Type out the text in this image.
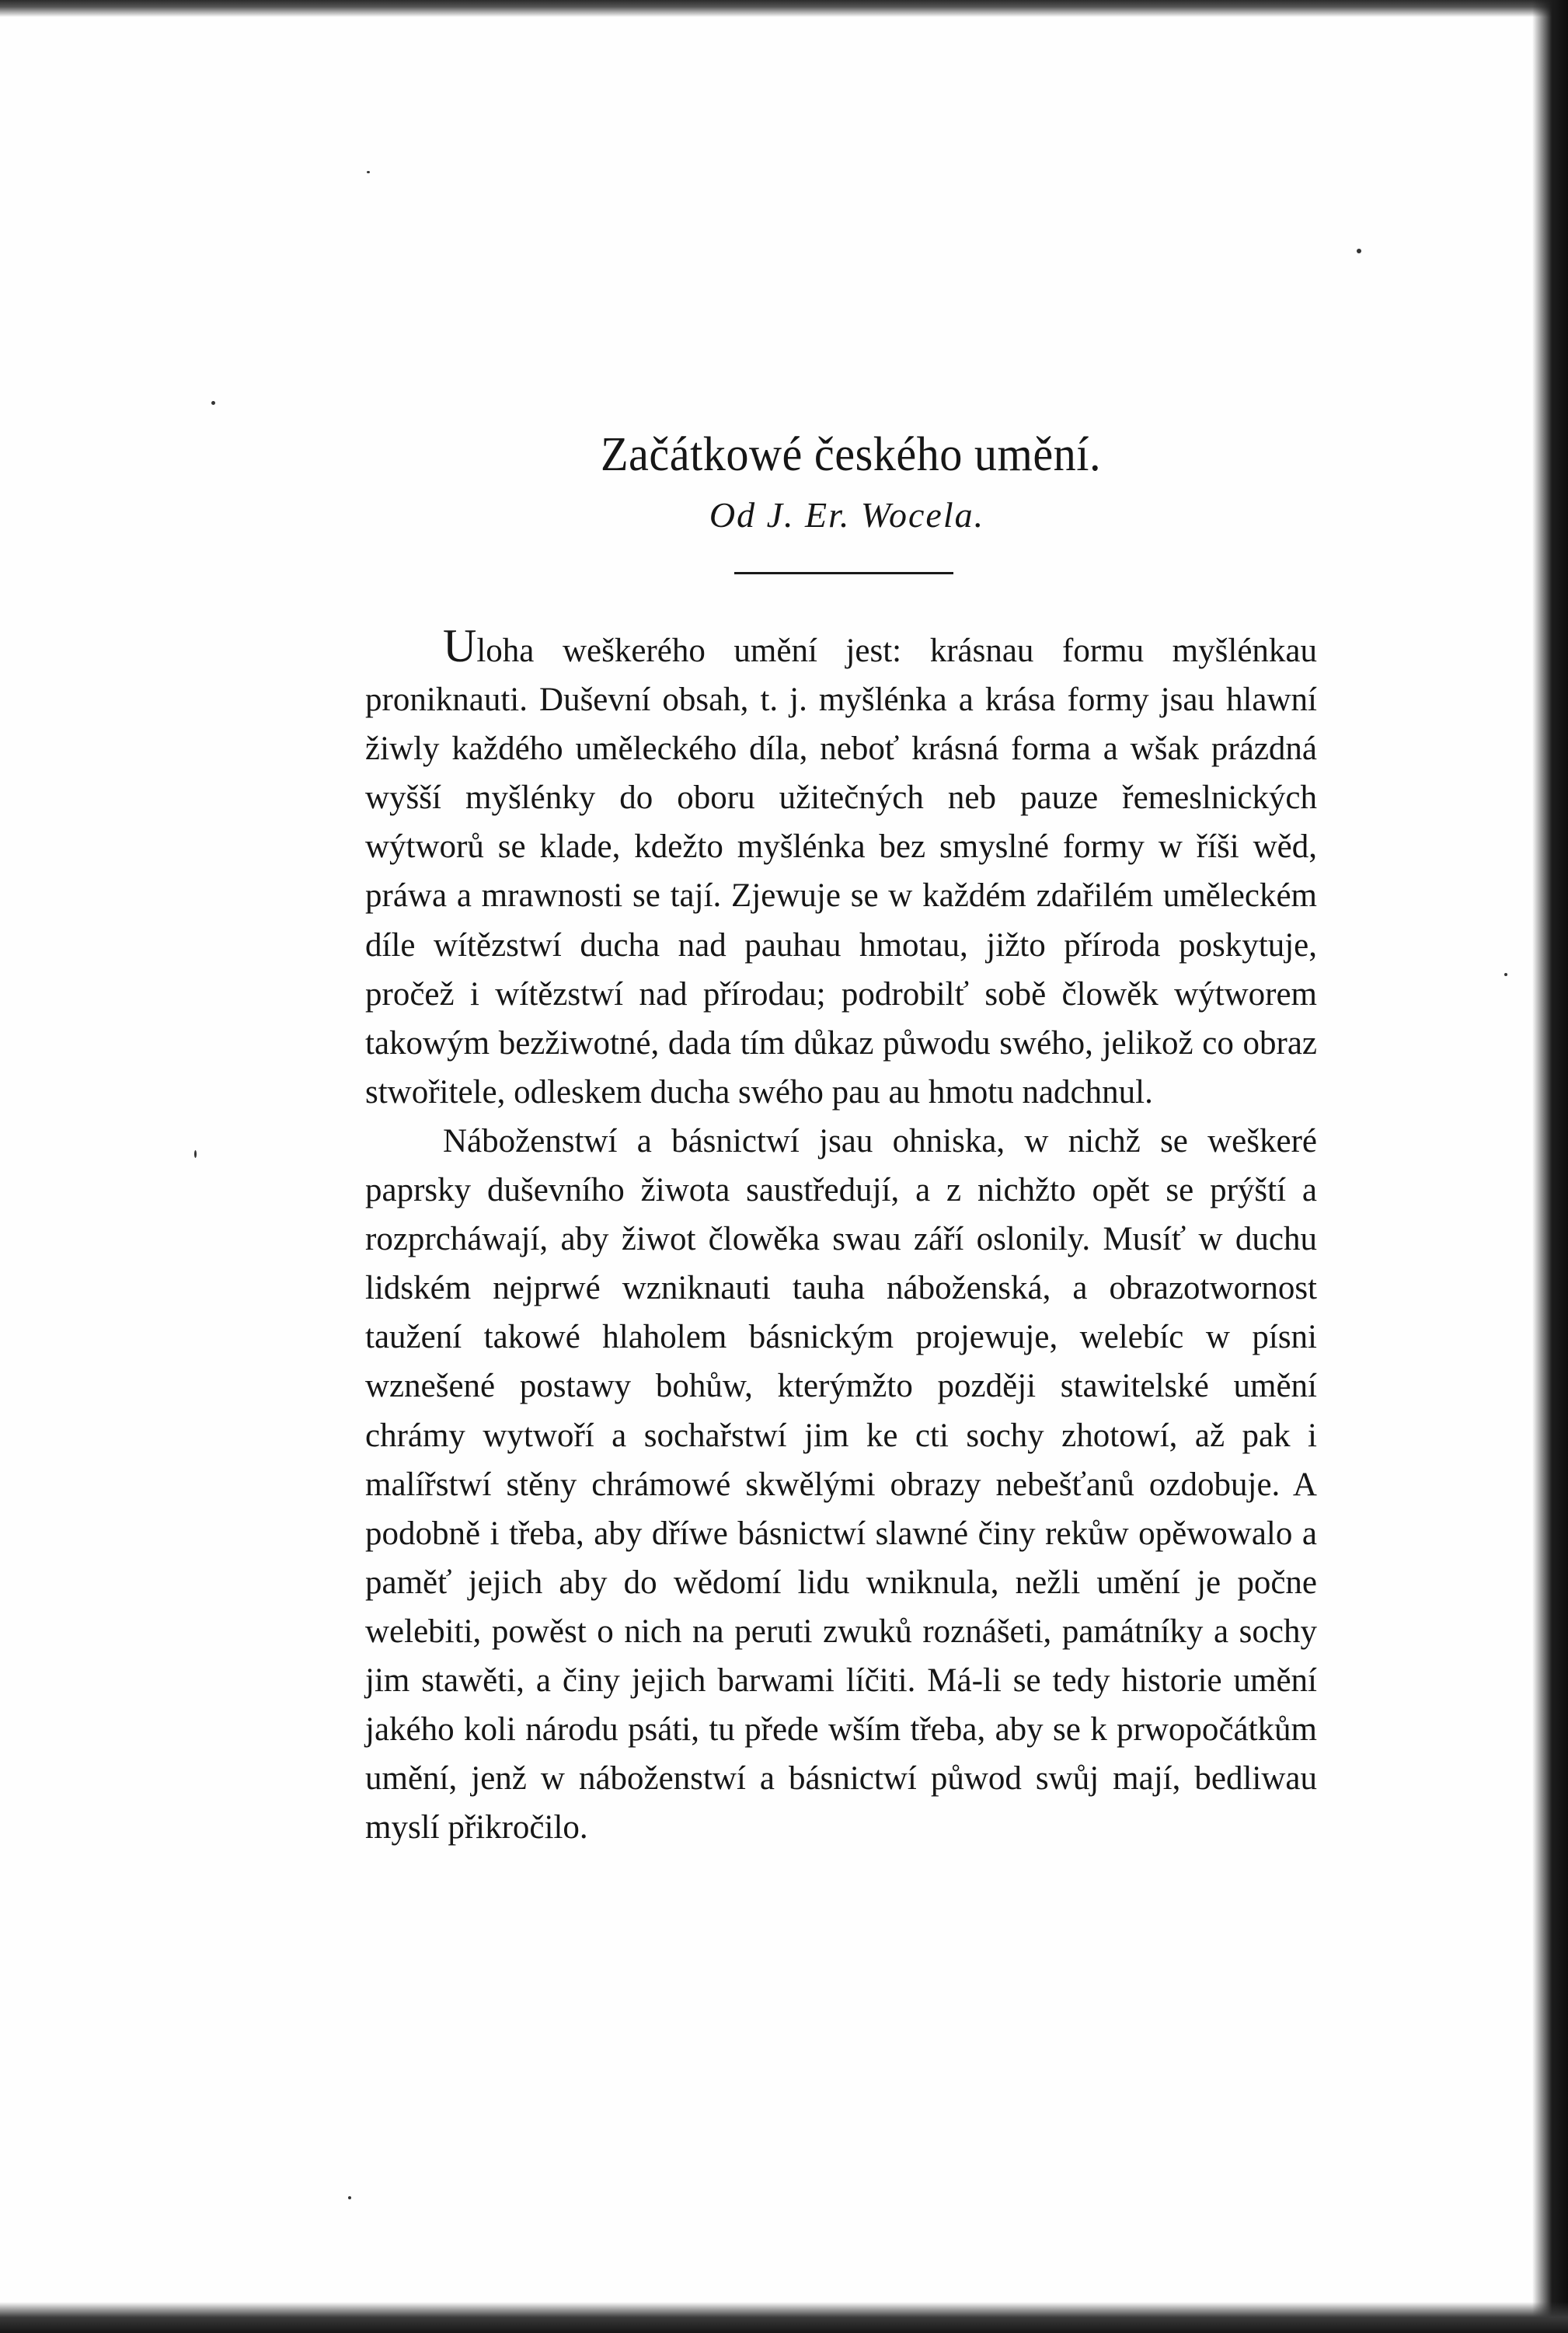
Začátkowé českého umění.
Od J. Er. Wocela.

Uloha weškerého umění jest: krásnau formu myšlénkau proniknauti. Duševní obsah, t. j. myšlénka a krása formy jsau hlawní žiwly každého uměleckého díla, neboť krásná forma a wšak prázdná wyšší myšlénky do oboru užitečných neb pauze řemeslnických wýtworů se klade, kdežto myšlénka bez smyslné formy w říši wěd, práwa a mrawnosti se tají. Zjewuje se w každém zdařilém uměleckém díle wítězstwí ducha nad pauhau hmotau, jižto příroda poskytuje, pročež i wítězstwí nad přírodau; podrobilť sobě člowěk wýtworem takowým bezžiwotné, dada tím důkaz půwodu swého, jelikož co obraz stwořitele, odleskem ducha swého pau au hmotu nadchnul.

Náboženstwí a básnictwí jsau ohniska, w nichž se weškeré paprsky duševního žiwota saustředují, a z nichžto opět se prýští a rozprcháwají, aby žiwot člowěka swau září oslonily. Musíť w duchu lidském nejprwé wzniknauti tauha náboženská, a obrazotwornost taužení takowé hlaholem básnickým projewuje, welebíc w písni wznešené postawy bohůw, kterýmžto později stawitelské umění chrámy wytwoří a sochařstwí jim ke cti sochy zhotowí, až pak i malířstwí stěny chrámowé skwělými obrazy nebešťanů ozdobuje. A podobně i třeba, aby dříwe básnictwí slawné činy rekůw opěwowalo a paměť jejich aby do wědomí lidu wniknula, nežli umění je počne welebiti, powěst o nich na peruti zwuků roznášeti, památníky a sochy jim stawěti, a činy jejich barwami líčiti. Má-li se tedy historie umění jakého koli národu psáti, tu přede wším třeba, aby se k prwopočátkům umění, jenž w náboženstwí a básnictwí půwod swůj mají, bedliwau myslí přikročilo.
